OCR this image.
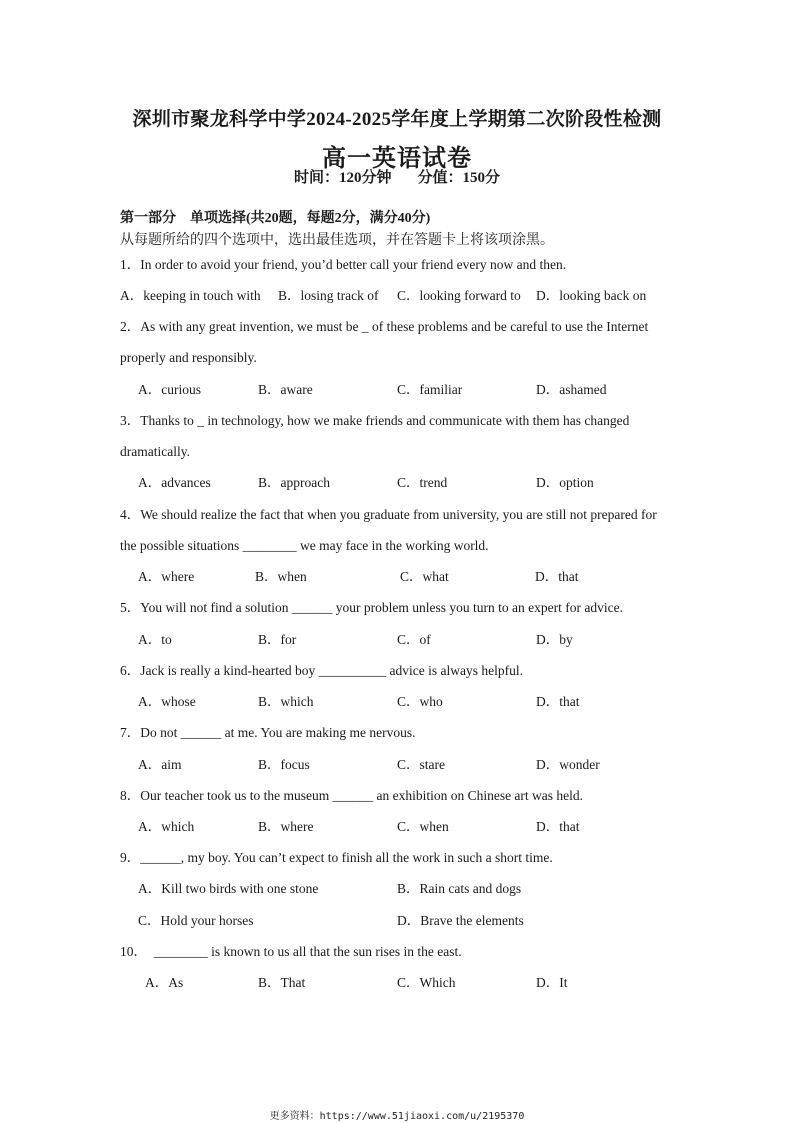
深圳市聚龙科学中学2024-2025学年度上学期第二次阶段性检测
高一英语试卷
时间：120分钟 分值：150分
第一部分　单项选择(共20题，每题2分，满分40分)
从每题所给的四个选项中，选出最佳选项，并在答题卡上将该项涂黑。
1．In order to avoid your friend, you’d better call your friend every now and then.
A．keeping in touch with B．losing track of C．looking forward to D．looking back on
2．As with any great invention, we must be _ of these problems and be careful to use the Internet
properly and responsibly.
A．curious	B．aware	C．familiar	D．ashamed
3．Thanks to _ in technology, how we make friends and communicate with them has changed
dramatically.
A．advances	B．approach	C．trend	D．option
4．We should realize the fact that when you graduate from university, you are still not prepared for
the possible situations ________ we may face in the working world.
A．where	B．when	C．what	D．that
5．You will not find a solution ______ your problem unless you turn to an expert for advice.
A．to	B．for	C．of	D．by
6．Jack is really a kind-hearted boy __________ advice is always helpful.
A．whose	B．which	C．who	D．that
7．Do not ______ at me. You are making me nervous.
A．aim	B．focus	C．stare	D．wonder
8．Our teacher took us to the museum ______ an exhibition on Chinese art was held.
A．which	B．where	C．when	D．that
9．______, my boy. You can’t expect to finish all the work in such a short time.
A．Kill two birds with one stone	B．Rain cats and dogs
C．Hold your horses	D．Brave the elements
10．　________ is known to us all that the sun rises in the east.
A．As	B．That	C．Which	D．It
更多资料：https://www.51jiaoxi.com/u/2195370
